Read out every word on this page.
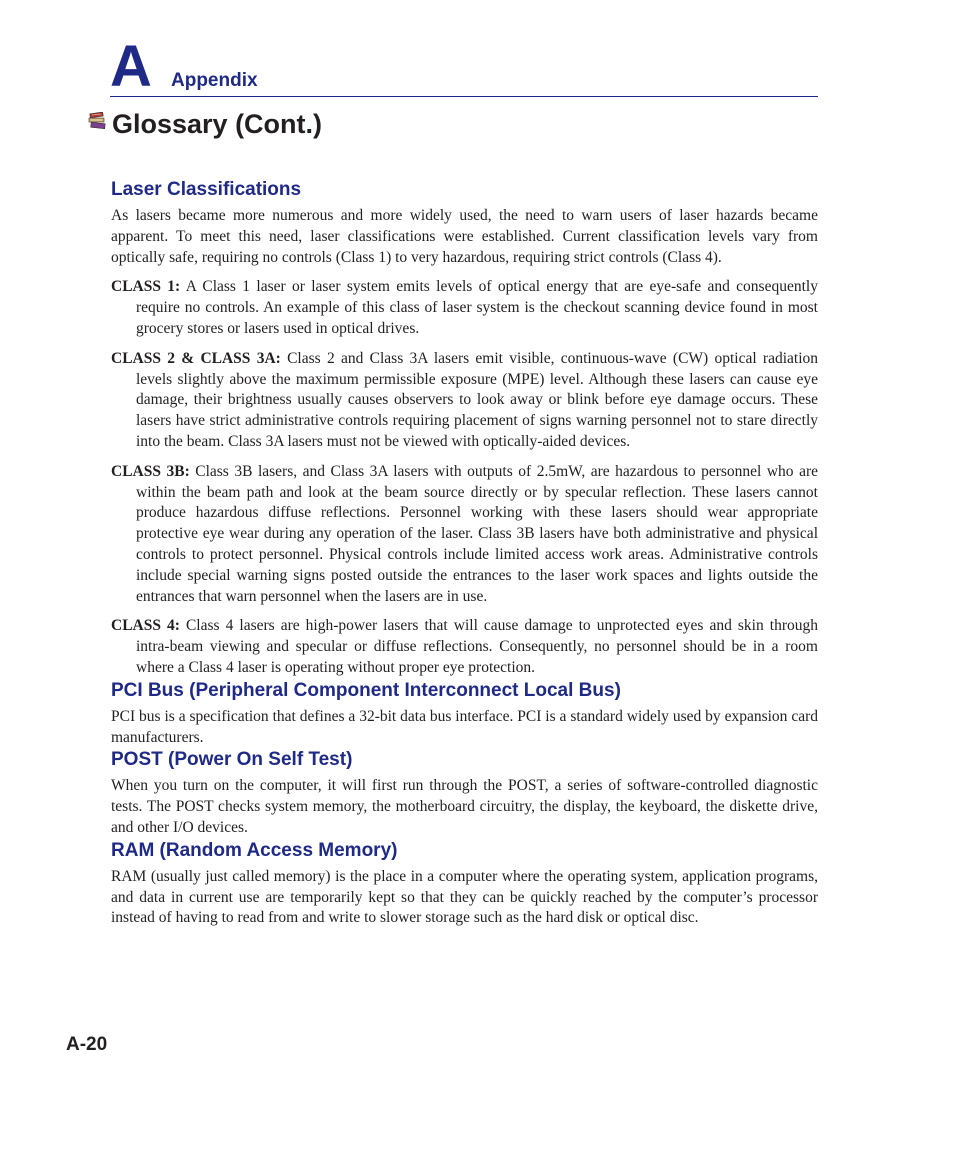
A Appendix
Glossary (Cont.)
Laser Classifications

As lasers became more numerous and more widely used, the need to warn users of laser hazards became apparent. To meet this need, laser classifications were established. Current classification levels vary from optically safe, requiring no controls (Class 1) to very hazardous, requiring strict controls (Class 4).

CLASS 1: A Class 1 laser or laser system emits levels of optical energy that are eye-safe and consequently require no controls. An example of this class of laser system is the checkout scanning device found in most grocery stores or lasers used in optical drives.

CLASS 2 & CLASS 3A: Class 2 and Class 3A lasers emit visible, continuous-wave (CW) optical radiation levels slightly above the maximum permissible exposure (MPE) level. Although these lasers can cause eye damage, their brightness usually causes observers to look away or blink before eye damage occurs. These lasers have strict administrative controls requiring placement of signs warning personnel not to stare directly into the beam. Class 3A lasers must not be viewed with optically-aided devices.

CLASS 3B: Class 3B lasers, and Class 3A lasers with outputs of 2.5mW, are hazardous to personnel who are within the beam path and look at the beam source directly or by specular reflection. These lasers cannot produce hazardous diffuse reflections. Personnel working with these lasers should wear appropriate protective eye wear during any operation of the laser. Class 3B lasers have both administrative and physical controls to protect personnel. Physical controls include limited access work areas. Administrative controls include special warning signs posted outside the entrances to the laser work spaces and lights outside the entrances that warn personnel when the lasers are in use.

CLASS 4: Class 4 lasers are high-power lasers that will cause damage to unprotected eyes and skin through intra-beam viewing and specular or diffuse reflections. Consequently, no personnel should be in a room where a Class 4 laser is operating without proper eye protection.

PCI Bus (Peripheral Component Interconnect Local Bus)

PCI bus is a specification that defines a 32-bit data bus interface. PCI is a standard widely used by expansion card manufacturers.

POST (Power On Self Test)

When you turn on the computer, it will first run through the POST, a series of software-controlled diagnostic tests. The POST checks system memory, the motherboard circuitry, the display, the keyboard, the diskette drive, and other I/O devices.

RAM (Random Access Memory)

RAM (usually just called memory) is the place in a computer where the operating system, application programs, and data in current use are temporarily kept so that they can be quickly reached by the computer’s processor instead of having to read from and write to slower storage such as the hard disk or optical disc.

A-20
